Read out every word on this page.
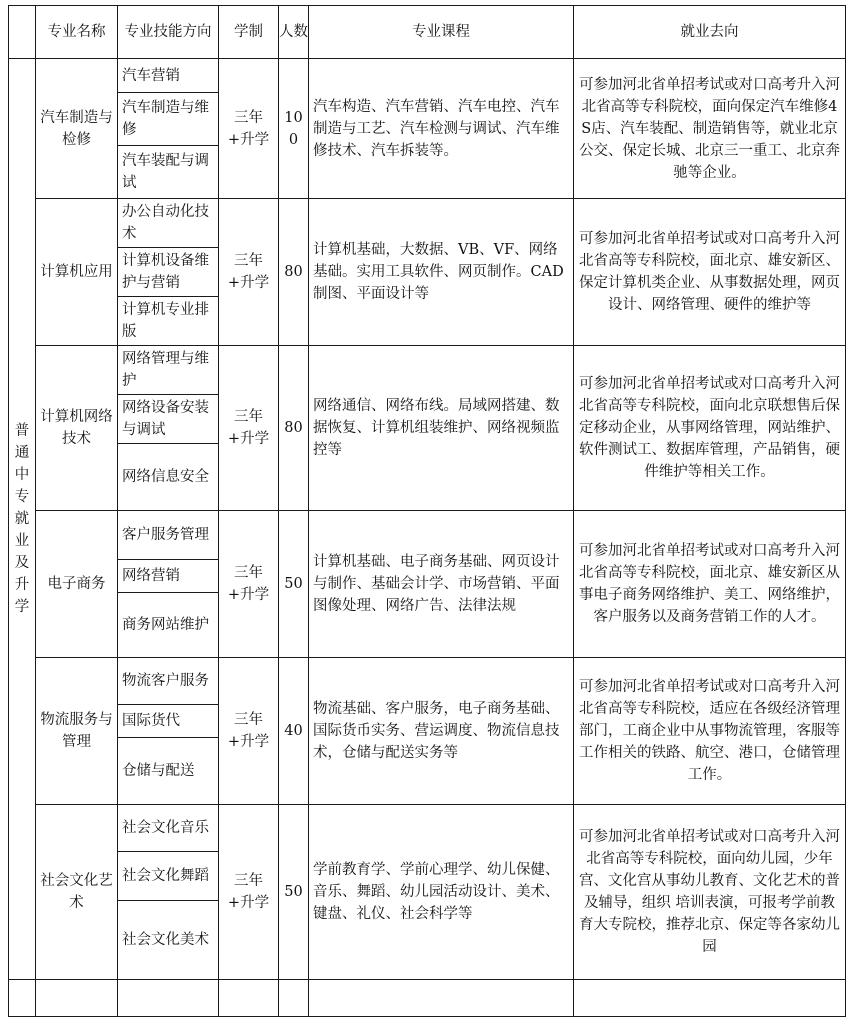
	专业名称	专业技能方向	学制	人数	专业课程	就业去向
普通中专就业及升学	汽车制造与检修	汽车营销	三年+升学	100	汽车构造、汽车营销、汽车电控、汽车制造与工艺、汽车检测与调试、汽车维修技术、汽车拆装等。	可参加河北省单招考试或对口高考升入河北省高等专科院校，面向保定汽车维修4S店、汽车装配、制造销售等，就业北京公交、保定长城、北京三一重工、北京奔驰等企业。
		汽车制造与维修				
		汽车装配与调试				
	计算机应用	办公自动化技术	三年+升学	80	计算机基础，大数据、VB、VF、网络基础。实用工具软件、网页制作。CAD制图、平面设计等	可参加河北省单招考试或对口高考升入河北省高等专科院校，面北京、雄安新区、保定计算机类企业、从事数据处理，网页设计、网络管理、硬件的维护等
		计算机设备维护与营销				
		计算机专业排版				
	计算机网络技术	网络管理与维护	三年+升学	80	网络通信、网络布线。局域网搭建、数据恢复、计算机组装维护、网络视频监控等	可参加河北省单招考试或对口高考升入河北省高等专科院校，面向北京联想售后保定移动企业，从事网络管理，网站维护、软件测试工、数据库管理，产品销售，硬件维护等相关工作。
		网络设备安装与调试				
		网络信息安全				
	电子商务	客户服务管理	三年+升学	50	计算机基础、电子商务基础、网页设计与制作、基础会计学、市场营销、平面图像处理、网络广告、法律法规	可参加河北省单招考试或对口高考升入河北省高等专科院校，面北京、雄安新区从事电子商务网络维护、美工、网络维护，客户服务以及商务营销工作的人才。
		网络营销				
		商务网站维护				
	物流服务与管理	物流客户服务	三年+升学	40	物流基础、客户服务，电子商务基础、国际货币实务、营运调度、物流信息技术，仓储与配送实务等	可参加河北省单招考试或对口高考升入河北省高等专科院校，适应在各级经济管理部门，工商企业中从事物流管理，客服等工作相关的铁路、航空、港口，仓储管理工作。
		国际货代				
		仓储与配送				
	社会文化艺术	社会文化音乐	三年+升学	50	学前教育学、学前心理学、幼儿保健、音乐、舞蹈、幼儿园活动设计、美术、键盘、礼仪、社会科学等	可参加河北省单招考试或对口高考升入河北省高等专科院校，面向幼儿园，少年宫、文化宫从事幼儿教育、文化艺术的普及辅导，组织 培训表演，可报考学前教育大专院校，推荐北京、保定等各家幼儿园
		社会文化舞蹈				
		社会文化美术				
